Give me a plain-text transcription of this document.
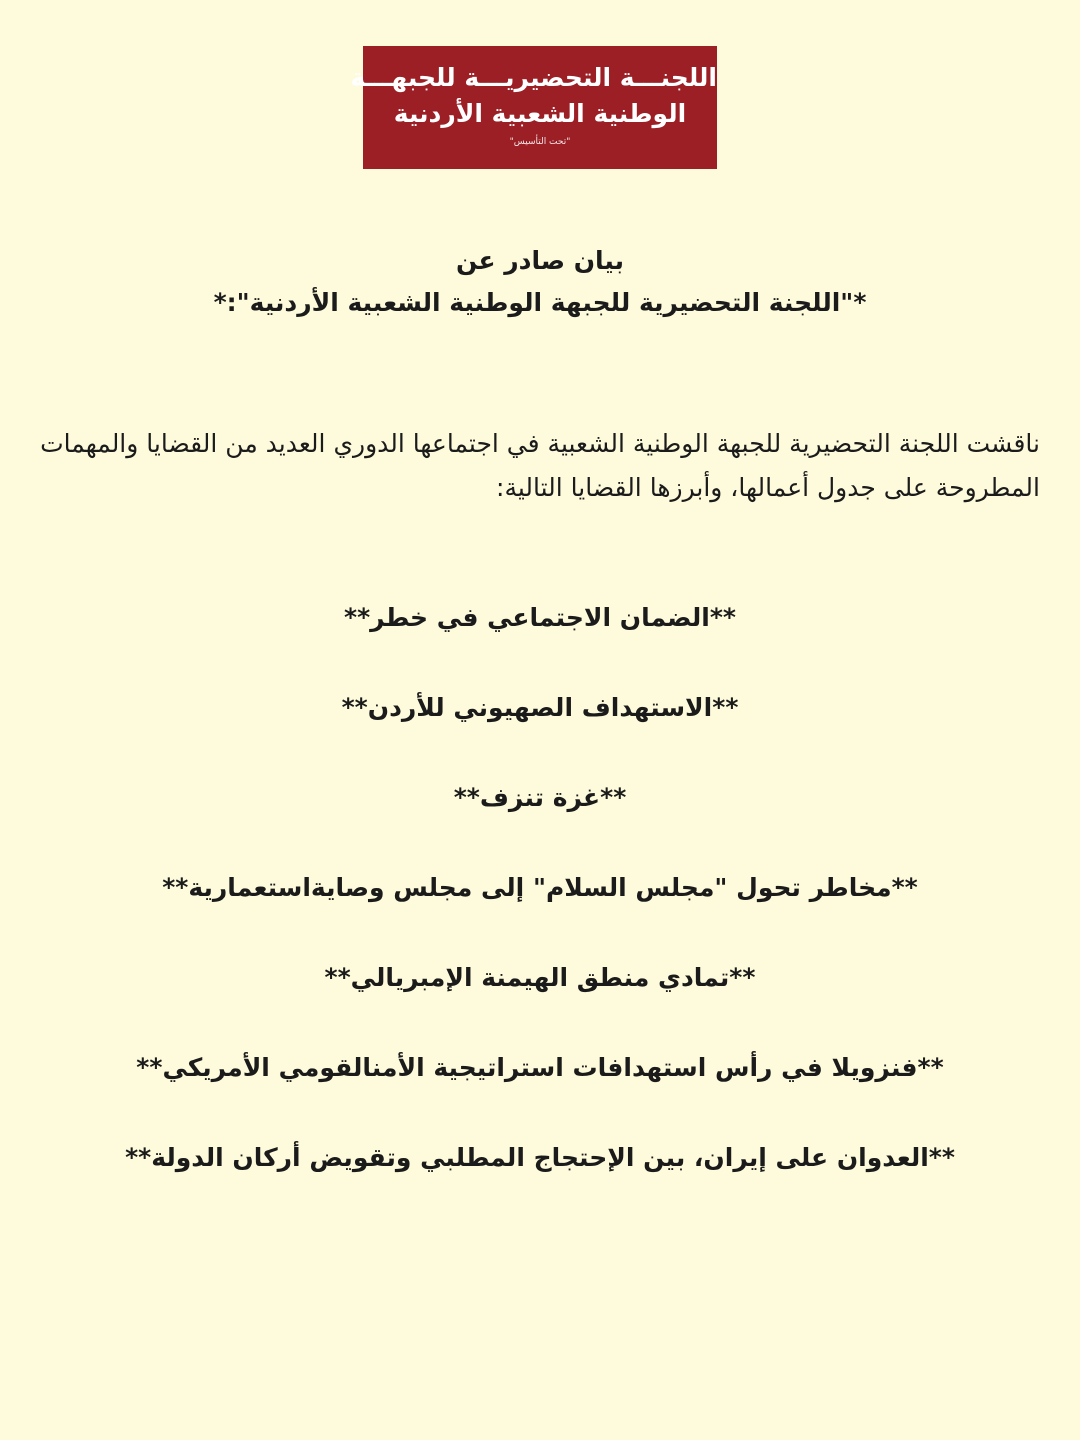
اللجنـــة التحضيريـــة للجبهـــة
الوطنية الشعبية الأردنية
"تحت التأسيس"
بيان صادر عن
*"اللجنة التحضيرية للجبهة الوطنية الشعبية الأردنية":*

ناقشت اللجنة التحضيرية للجبهة الوطنية الشعبية في اجتماعها الدوري العديد من القضايا والمهمات المطروحة على جدول أعمالها، وأبرزها القضايا التالية:

**الضمان الاجتماعي في خطر**
**الاستهداف الصهيوني للأردن**
**غزة تنزف**
**مخاطر تحول "مجلس السلام" إلى مجلس وصايةاستعمارية**
**تمادي منطق الهيمنة الإمبريالي**
**فنزويلا في رأس استهدافات استراتيجية الأمنالقومي الأمريكي**
**العدوان على إيران، بين الإحتجاج المطلبي وتقويض أركان الدولة**
